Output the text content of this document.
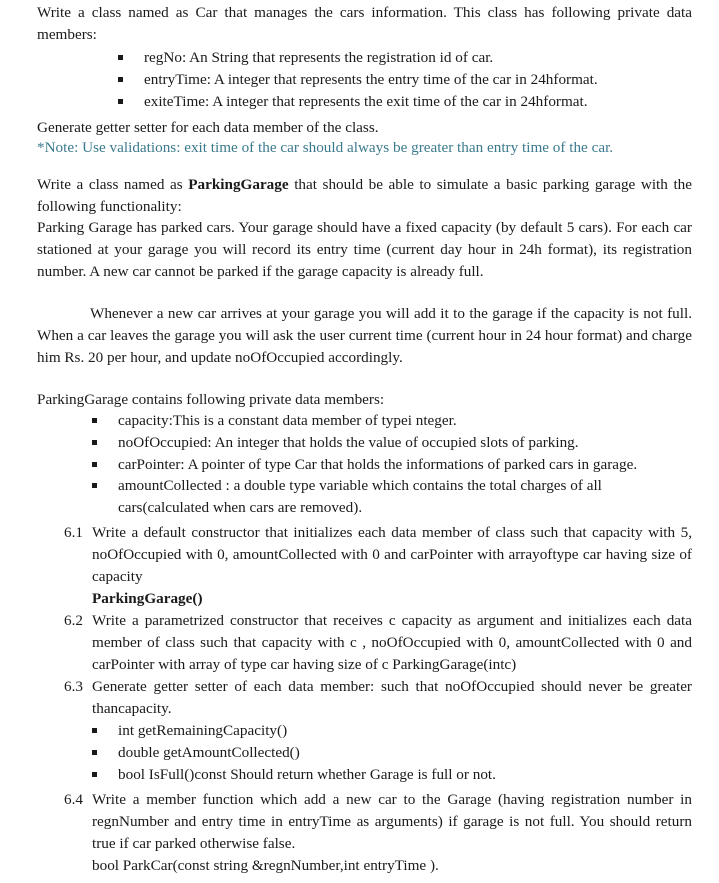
Write a class named as Car that manages the cars information. This class has following private data members:

regNo: An String that represents the registration id of car.
entryTime: A integer that represents the entry time of the car in 24hformat.
exiteTime: A integer that represents the exit time of the car in 24hformat.

Generate getter setter for each data member of the class.

*Note: Use validations: exit time of the car should always be greater than entry time of the car.

Write a class named as ParkingGarage that should be able to simulate a basic parking garage with the following functionality:

Parking Garage has parked cars. Your garage should have a fixed capacity (by default 5 cars). For each car stationed at your garage you will record its entry time (current day hour in 24h format), its registration number. A new car cannot be parked if the garage capacity is already full.

Whenever a new car arrives at your garage you will add it to the garage if the capacity is not full. When a car leaves the garage you will ask the user current time (current hour in 24 hour format) and charge him Rs. 20 per hour, and update noOfOccupied accordingly.

ParkingGarage contains following private data members:

capacity:This is a constant data member of typei nteger.
noOfOccupied: An integer that holds the value of occupied slots of parking.
carPointer: A pointer of type Car that holds the informations of parked cars in garage.
amountCollected : a double type variable which contains the total charges of all cars(calculated when cars are removed).
6.1 Write a default constructor that initializes each data member of class such that capacity with 5, noOfOccupied with 0, amountCollected with 0 and carPointer with arrayoftype car having size of capacity

ParkingGarage()

6.2 Write a parametrized constructor that receives c capacity as argument and initializes each data member of class such that capacity with c , noOfOccupied with 0, amountCollected with 0 and carPointer with array of type car having size of c ParkingGarage(intc)
6.3 Generate getter setter of each data member: such that noOfOccupied should never be greater thancapacity.
int getRemainingCapacity()
double getAmountCollected()
bool IsFull()const Should return whether Garage is full or not.
6.4 Write a member function which add a new car to the Garage (having registration number in regnNumber and entry time in entryTime as arguments) if garage is not full. You should return true if car parked otherwise false.

bool ParkCar(const string &regnNumber,int entryTime ).
